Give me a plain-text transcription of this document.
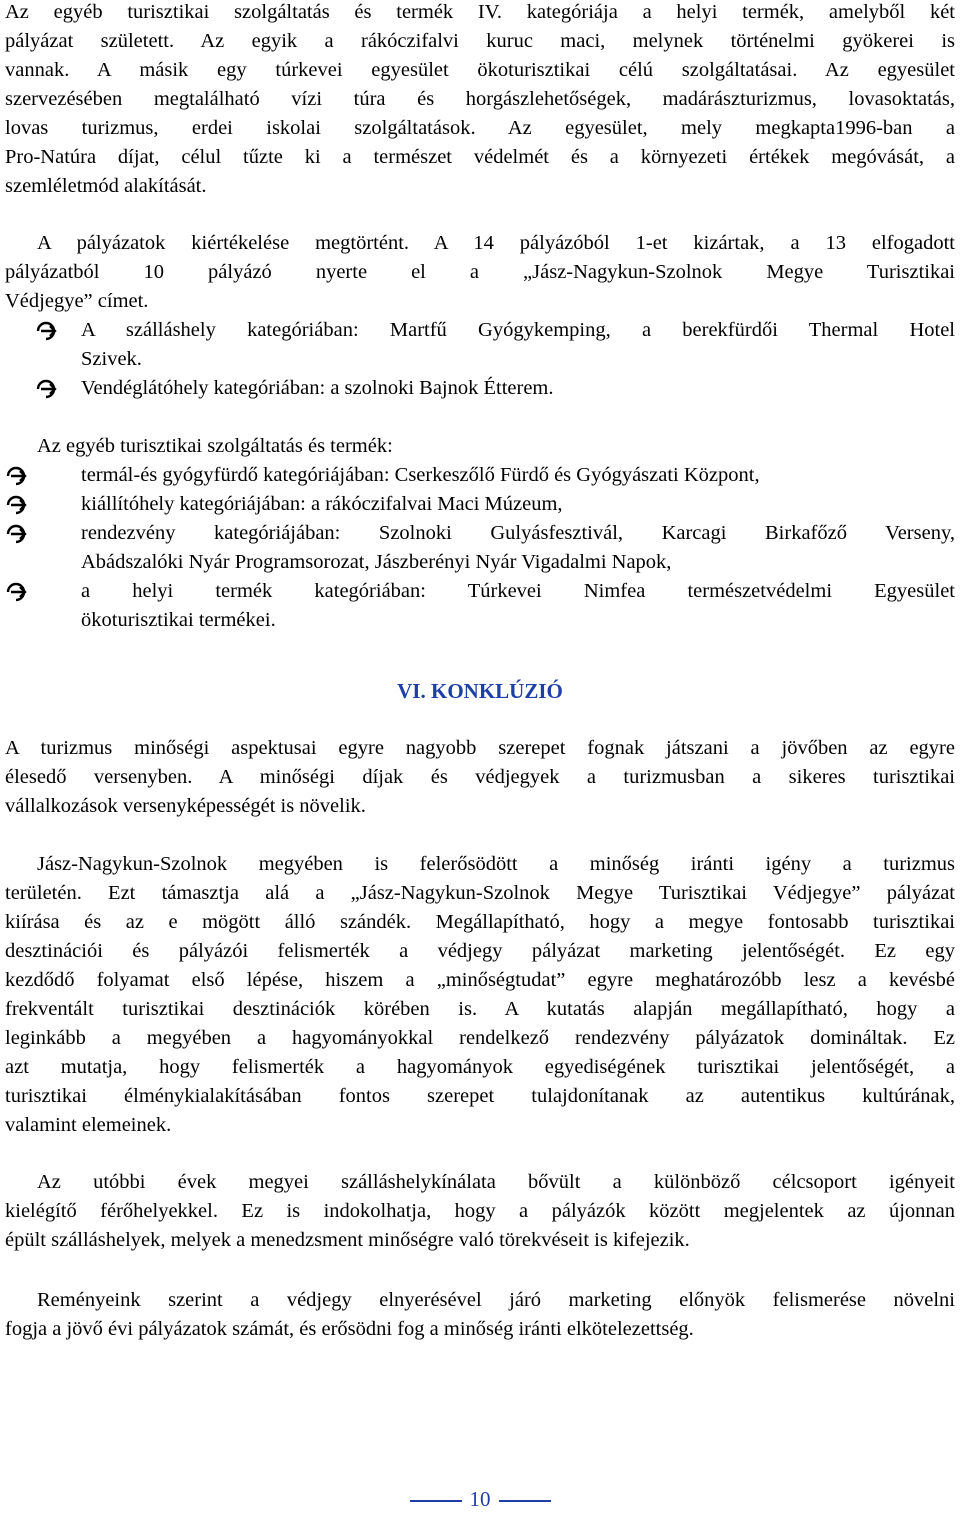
Az egyéb turisztikai szolgáltatás és termék IV. kategóriája a helyi termék, amelyből két
pályázat született. Az egyik a rákóczifalvi kuruc maci, melynek történelmi gyökerei is
vannak. A másik egy túrkevei egyesület ökoturisztikai célú szolgáltatásai. Az egyesület
szervezésében megtalálható vízi túra és horgászlehetőségek, madárászturizmus, lovasoktatás,
lovas turizmus, erdei iskolai szolgáltatások. Az egyesület, mely megkapta1996-ban a
Pro-Natúra díjat, célul tűzte ki a természet védelmét és a környezeti értékek megóvását, a
szemléletmód alakítását.
A pályázatok kiértékelése megtörtént. A 14 pályázóból 1-et kizártak, a 13 elfogadott
pályázatból 10 pályázó nyerte el a „Jász-Nagykun-Szolnok Megye Turisztikai
Védjegye” címet.
A szálláshely kategóriában: Martfű Gyógykemping, a berekfürdői Thermal Hotel
Szivek.
Vendéglátóhely kategóriában: a szolnoki Bajnok Étterem.
Az egyéb turisztikai szolgáltatás és termék:
termál-és gyógyfürdő kategóriájában: Cserkeszőlő Fürdő és Gyógyászati Központ,
kiállítóhely kategóriájában: a rákóczifalvai Maci Múzeum,
rendezvény kategóriájában: Szolnoki Gulyásfesztivál, Karcagi Birkafőző Verseny,
Abádszalóki Nyár Programsorozat, Jászberényi Nyár Vigadalmi Napok,
a helyi termék kategóriában: Túrkevei Nimfea természetvédelmi Egyesület
ökoturisztikai termékei.
VI. KONKLÚZIÓ
A turizmus minőségi aspektusai egyre nagyobb szerepet fognak játszani a jövőben az egyre
élesedő versenyben. A minőségi díjak és védjegyek a turizmusban a sikeres turisztikai
vállalkozások versenyképességét is növelik.
Jász-Nagykun-Szolnok megyében is felerősödött a minőség iránti igény a turizmus
területén. Ezt támasztja alá a „Jász-Nagykun-Szolnok Megye Turisztikai Védjegye” pályázat
kiírása és az e mögött álló szándék. Megállapítható, hogy a megye fontosabb turisztikai
desztinációi és pályázói felismerték a védjegy pályázat marketing jelentőségét. Ez egy
kezdődő folyamat első lépése, hiszem a „minőségtudat” egyre meghatározóbb lesz a kevésbé
frekventált turisztikai desztinációk körében is. A kutatás alapján megállapítható, hogy a
leginkább a megyében a hagyományokkal rendelkező rendezvény pályázatok domináltak. Ez
azt mutatja, hogy felismerték a hagyományok egyediségének turisztikai jelentőségét, a
turisztikai élménykialakításában fontos szerepet tulajdonítanak az autentikus kultúrának,
valamint elemeinek.
Az utóbbi évek megyei szálláshelykínálata bővült a különböző célcsoport igényeit
kielégítő férőhelyekkel. Ez is indokolhatja, hogy a pályázók között megjelentek az újonnan
épült szálláshelyek, melyek a menedzsment minőségre való törekvéseit is kifejezik.
Reményeink szerint a védjegy elnyerésével járó marketing előnyök felismerése növelni
fogja a jövő évi pályázatok számát, és erősödni fog a minőség iránti elkötelezettség.
10
